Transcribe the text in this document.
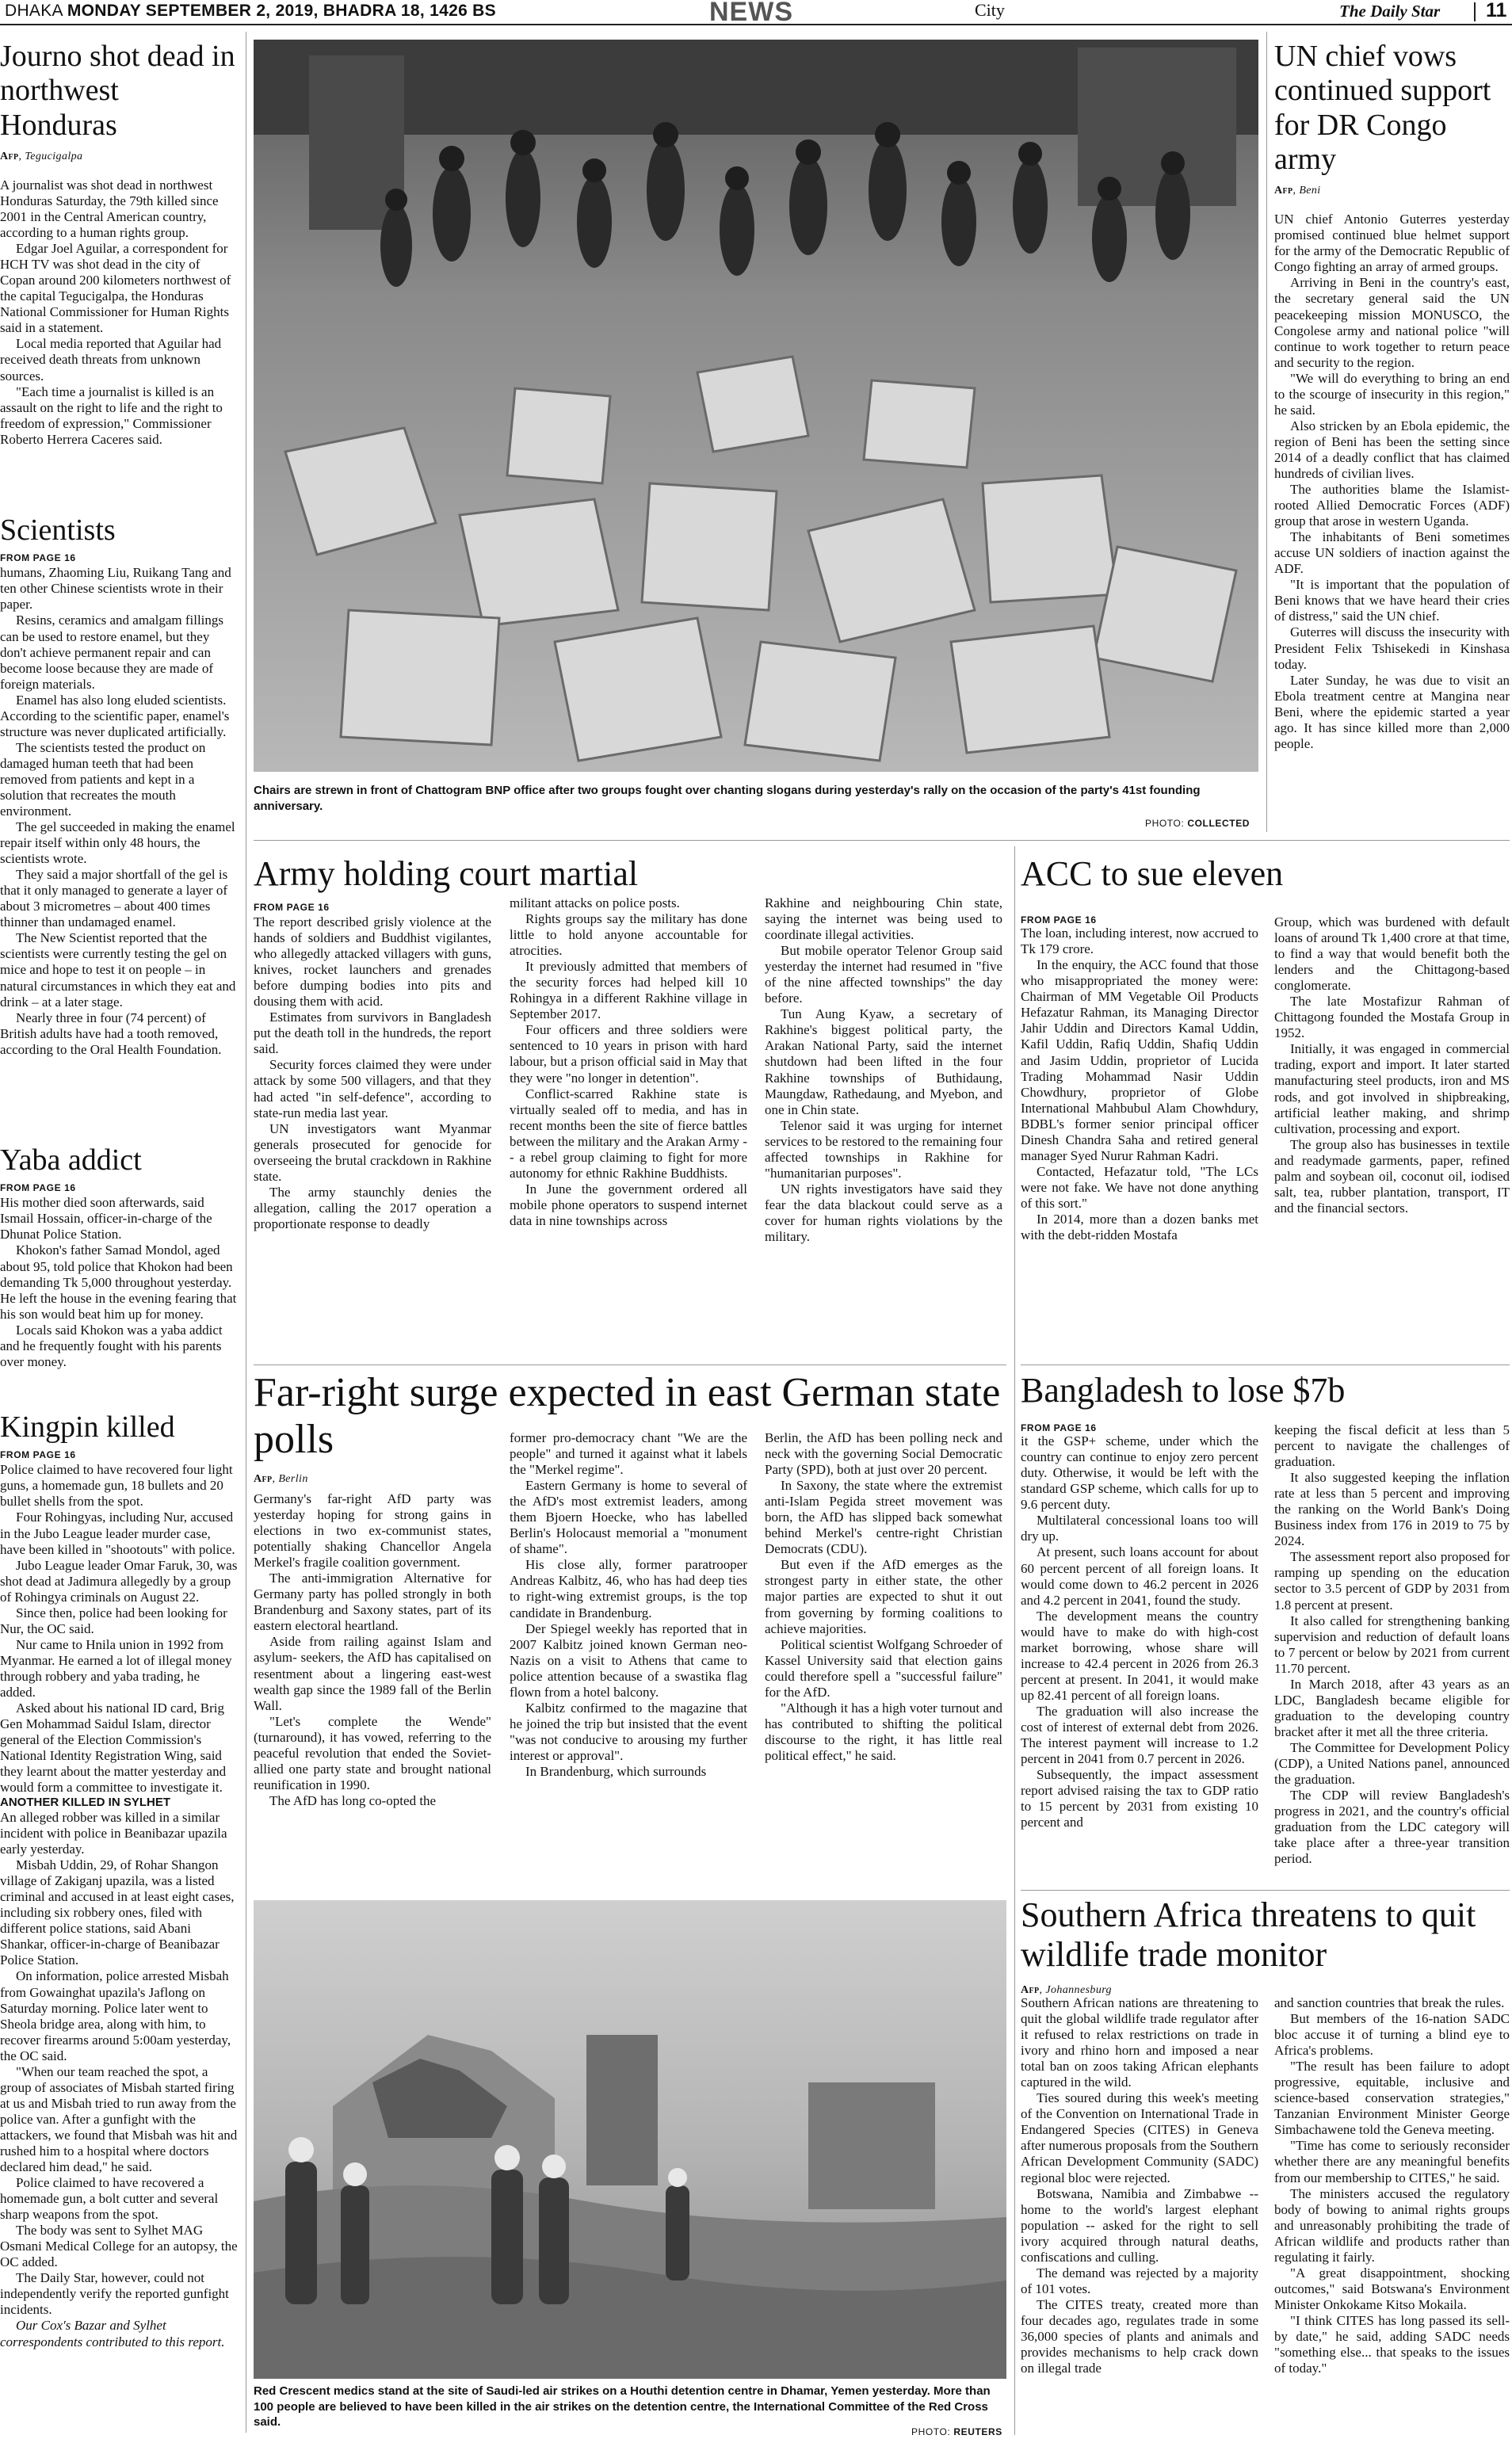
DHAKA MONDAY SEPTEMBER 2, 2019, BHADRA 18, 1426 BS	NEWS	City	The Daily Star 11
Journo shot dead in northwest Honduras
Afp, Tegucigalpa

A journalist was shot dead in northwest Honduras Saturday, the 79th killed since 2001 in the Central American country, according to a human rights group.

Edgar Joel Aguilar, a correspondent for HCH TV was shot dead in the city of Copan around 200 kilometers northwest of the capital Tegucigalpa, the Honduras National Commissioner for Human Rights said in a statement.

Local media reported that Aguilar had received death threats from unknown sources.

"Each time a journalist is killed is an assault on the right to life and the right to freedom of expression," Commissioner Roberto Herrera Caceres said.

Scientists
FROM PAGE 16

humans, Zhaoming Liu, Ruikang Tang and ten other Chinese scientists wrote in their paper.

Resins, ceramics and amalgam fillings can be used to restore enamel, but they don't achieve permanent repair and can become loose because they are made of foreign materials.

Enamel has also long eluded scientists. According to the scientific paper, enamel's structure was never duplicated artificially.

The scientists tested the product on damaged human teeth that had been removed from patients and kept in a solution that recreates the mouth environment.

The gel succeeded in making the enamel repair itself within only 48 hours, the scientists wrote.

They said a major shortfall of the gel is that it only managed to generate a layer of about 3 micrometres – about 400 times thinner than undamaged enamel.

The New Scientist reported that the scientists were currently testing the gel on mice and hope to test it on people – in natural circumstances in which they eat and drink – at a later stage.

Nearly three in four (74 percent) of British adults have had a tooth removed, according to the Oral Health Foundation.

Yaba addict
FROM PAGE 16

His mother died soon afterwards, said Ismail Hossain, officer-in-charge of the Dhunat Police Station.

Khokon's father Samad Mondol, aged about 95, told police that Khokon had been demanding Tk 5,000 throughout yesterday. He left the house in the evening fearing that his son would beat him up for money.

Locals said Khokon was a yaba addict and he frequently fought with his parents over money.

Kingpin killed
FROM PAGE 16

Police claimed to have recovered four light guns, a homemade gun, 18 bullets and 20 bullet shells from the spot.

Four Rohingyas, including Nur, accused in the Jubo League leader murder case, have been killed in "shootouts" with police.

Jubo League leader Omar Faruk, 30, was shot dead at Jadimura allegedly by a group of Rohingya criminals on August 22.

Since then, police had been looking for Nur, the OC said.

Nur came to Hnila union in 1992 from Myanmar. He earned a lot of illegal money through robbery and yaba trading, he added.

Asked about his national ID card, Brig Gen Mohammad Saidul Islam, director general of the Election Commission's National Identity Registration Wing, said they learnt about the matter yesterday and would form a committee to investigate it.

ANOTHER KILLED IN SYLHET

An alleged robber was killed in a similar incident with police in Beanibazar upazila early yesterday.

Misbah Uddin, 29, of Rohar Shangon village of Zakiganj upazila, was a listed criminal and accused in at least eight cases, including six robbery ones, filed with different police stations, said Abani Shankar, officer-in-charge of Beanibazar Police Station.

On information, police arrested Misbah from Gowainghat upazila's Jaflong on Saturday morning. Police later went to Sheola bridge area, along with him, to recover firearms around 5:00am yesterday, the OC said.

"When our team reached the spot, a group of associates of Misbah started firing at us and Misbah tried to run away from the police van. After a gunfight with the attackers, we found that Misbah was hit and rushed him to a hospital where doctors declared him dead," he said.

Police claimed to have recovered a homemade gun, a bolt cutter and several sharp weapons from the spot.

The body was sent to Sylhet MAG Osmani Medical College for an autopsy, the OC added.

The Daily Star, however, could not independently verify the reported gunfight incidents.

Our Cox's Bazar and Sylhet correspondents contributed to this report.

Chairs are strewn in front of Chattogram BNP office after two groups fought over chanting slogans during yesterday's rally on the occasion of the party's 41st founding anniversary.
PHOTO: COLLECTED
UN chief vows continued support for DR Congo army
Afp, Beni

UN chief Antonio Guterres yesterday promised continued blue helmet support for the army of the Democratic Republic of Congo fighting an array of armed groups.

Arriving in Beni in the country's east, the secretary general said the UN peacekeeping mission MONUSCO, the Congolese army and national police "will continue to work together to return peace and security to the region.

"We will do everything to bring an end to the scourge of insecurity in this region," he said.

Also stricken by an Ebola epidemic, the region of Beni has been the setting since 2014 of a deadly conflict that has claimed hundreds of civilian lives.

The authorities blame the Islamist-rooted Allied Democratic Forces (ADF) group that arose in western Uganda.

The inhabitants of Beni sometimes accuse UN soldiers of inaction against the ADF.

"It is important that the population of Beni knows that we have heard their cries of distress," said the UN chief.

Guterres will discuss the insecurity with President Felix Tshisekedi in Kinshasa today.

Later Sunday, he was due to visit an Ebola treatment centre at Mangina near Beni, where the epidemic started a year ago. It has since killed more than 2,000 people.

Army holding court martial
FROM PAGE 16

The report described grisly violence at the hands of soldiers and Buddhist vigilantes, who allegedly attacked villagers with guns, knives, rocket launchers and grenades before dumping bodies into pits and dousing them with acid.

Estimates from survivors in Bangladesh put the death toll in the hundreds, the report said.

Security forces claimed they were under attack by some 500 villagers, and that they had acted "in self-defence", according to state-run media last year.

UN investigators want Myanmar generals prosecuted for genocide for overseeing the brutal crackdown in Rakhine state.

The army staunchly denies the allegation, calling the 2017 operation a proportionate response to deadly

militant attacks on police posts.

Rights groups say the military has done little to hold anyone accountable for atrocities.

It previously admitted that members of the security forces had helped kill 10 Rohingya in a different Rakhine village in September 2017.

Four officers and three soldiers were sentenced to 10 years in prison with hard labour, but a prison official said in May that they were "no longer in detention".

Conflict-scarred Rakhine state is virtually sealed off to media, and has in recent months been the site of fierce battles between the military and the Arakan Army -- a rebel group claiming to fight for more autonomy for ethnic Rakhine Buddhists.

In June the government ordered all mobile phone operators to suspend internet data in nine townships across

Rakhine and neighbouring Chin state, saying the internet was being used to coordinate illegal activities.

But mobile operator Telenor Group said yesterday the internet had resumed in "five of the nine affected townships" the day before.

Tun Aung Kyaw, a secretary of Rakhine's biggest political party, the Arakan National Party, said the internet shutdown had been lifted in the four Rakhine townships of Buthidaung, Maungdaw, Rathedaung, and Myebon, and one in Chin state.

Telenor said it was urging for internet services to be restored to the remaining four affected townships in Rakhine for "humanitarian purposes".

UN rights investigators have said they fear the data blackout could serve as a cover for human rights violations by the military.

ACC to sue eleven

FROM PAGE 16

The loan, including interest, now accrued to Tk 179 crore.

In the enquiry, the ACC found that those who misappropriated the money were: Chairman of MM Vegetable Oil Products Hefazatur Rahman, its Managing Director Jahir Uddin and Directors Kamal Uddin, Kafil Uddin, Rafiq Uddin, Shafiq Uddin and Jasim Uddin, proprietor of Lucida Trading Mohammad Nasir Uddin Chowdhury, proprietor of Globe International Mahbubul Alam Chowhdury, BDBL's former senior principal officer Dinesh Chandra Saha and retired general manager Syed Nurur Rahman Kadri.

Contacted, Hefazatur told, "The LCs were not fake. We have not done anything of this sort."

In 2014, more than a dozen banks met with the debt-ridden Mostafa

Group, which was burdened with default loans of around Tk 1,400 crore at that time, to find a way that would benefit both the lenders and the Chittagong-based conglomerate.

The late Mostafizur Rahman of Chittagong founded the Mostafa Group in 1952.

Initially, it was engaged in commercial trading, export and import. It later started manufacturing steel products, iron and MS rods, and got involved in shipbreaking, artificial leather making, and shrimp cultivation, processing and export.

The group also has businesses in textile and readymade garments, paper, refined palm and soybean oil, coconut oil, iodised salt, tea, rubber plantation, transport, IT and the financial sectors.

Far-right surge expected in east German state polls
Afp, Berlin

Germany's far-right AfD party was yesterday hoping for strong gains in elections in two ex-communist states, potentially shaking Chancellor Angela Merkel's fragile coalition government.

The anti-immigration Alternative for Germany party has polled strongly in both Brandenburg and Saxony states, part of its eastern electoral heartland.

Aside from railing against Islam and asylum- seekers, the AfD has capitalised on resentment about a lingering east-west wealth gap since the 1989 fall of the Berlin Wall.

"Let's complete the Wende" (turnaround), it has vowed, referring to the peaceful revolution that ended the Soviet-allied one party state and brought national reunification in 1990.

The AfD has long co-opted the

former pro-democracy chant "We are the people" and turned it against what it labels the "Merkel regime".

Eastern Germany is home to several of the AfD's most extremist leaders, among them Bjoern Hoecke, who has labelled Berlin's Holocaust memorial a "monument of shame".

His close ally, former paratrooper Andreas Kalbitz, 46, who has had deep ties to right-wing extremist groups, is the top candidate in Brandenburg.

Der Spiegel weekly has reported that in 2007 Kalbitz joined known German neo-Nazis on a visit to Athens that came to police attention because of a swastika flag flown from a hotel balcony.

Kalbitz confirmed to the magazine that he joined the trip but insisted that the event "was not conducive to arousing my further interest or approval".

In Brandenburg, which surrounds

Berlin, the AfD has been polling neck and neck with the governing Social Democratic Party (SPD), both at just over 20 percent.

In Saxony, the state where the extremist anti-Islam Pegida street movement was born, the AfD has slipped back somewhat behind Merkel's centre-right Christian Democrats (CDU).

But even if the AfD emerges as the strongest party in either state, the other major parties are expected to shut it out from governing by forming coalitions to achieve majorities.

Political scientist Wolfgang Schroeder of Kassel University said that election gains could therefore spell a "successful failure" for the AfD.

"Although it has a high voter turnout and has contributed to shifting the political discourse to the right, it has little real political effect," he said.

Bangladesh to lose $7b

FROM PAGE 16

it the GSP+ scheme, under which the country can continue to enjoy zero percent duty. Otherwise, it would be left with the standard GSP scheme, which calls for up to 9.6 percent duty.

Multilateral concessional loans too will dry up.

At present, such loans account for about 60 percent percent of all foreign loans. It would come down to 46.2 percent in 2026 and 4.2 percent in 2041, found the study.

The development means the country would have to make do with high-cost market borrowing, whose share will increase to 42.4 percent in 2026 from 26.3 percent at present. In 2041, it would make up 82.41 percent of all foreign loans.

The graduation will also increase the cost of interest of external debt from 2026. The interest payment will increase to 1.2 percent in 2041 from 0.7 percent in 2026.

Subsequently, the impact assessment report advised raising the tax to GDP ratio to 15 percent by 2031 from existing 10 percent and

keeping the fiscal deficit at less than 5 percent to navigate the challenges of graduation.

It also suggested keeping the inflation rate at less than 5 percent and improving the ranking on the World Bank's Doing Business index from 176 in 2019 to 75 by 2024.

The assessment report also proposed for ramping up spending on the education sector to 3.5 percent of GDP by 2031 from 1.8 percent at present.

It also called for strengthening banking supervision and reduction of default loans to 7 percent or below by 2021 from current 11.70 percent.

In March 2018, after 43 years as an LDC, Bangladesh became eligible for graduation to the developing country bracket after it met all the three criteria.

The Committee for Development Policy (CDP), a United Nations panel, announced the graduation.

The CDP will review Bangladesh's progress in 2021, and the country's official graduation from the LDC category will take place after a three-year transition period.

Red Crescent medics stand at the site of Saudi-led air strikes on a Houthi detention centre in Dhamar, Yemen yesterday. More than 100 people are believed to have been killed in the air strikes on the detention centre, the International Committee of the Red Cross said.
PHOTO: REUTERS
Southern Africa threatens to quit wildlife trade monitor
Afp, Johannesburg

Southern African nations are threatening to quit the global wildlife trade regulator after it refused to relax restrictions on trade in ivory and rhino horn and imposed a near total ban on zoos taking African elephants captured in the wild.

Ties soured during this week's meeting of the Convention on International Trade in Endangered Species (CITES) in Geneva after numerous proposals from the Southern African Development Community (SADC) regional bloc were rejected.

Botswana, Namibia and Zimbabwe -- home to the world's largest elephant population -- asked for the right to sell ivory acquired through natural deaths, confiscations and culling.

The demand was rejected by a majority of 101 votes.

The CITES treaty, created more than four decades ago, regulates trade in some 36,000 species of plants and animals and provides mechanisms to help crack down on illegal trade

and sanction countries that break the rules.

But members of the 16-nation SADC bloc accuse it of turning a blind eye to Africa's problems.

"The result has been failure to adopt progressive, equitable, inclusive and science-based conservation strategies," Tanzanian Environment Minister George Simbachawene told the Geneva meeting.

"Time has come to seriously reconsider whether there are any meaningful benefits from our membership to CITES," he said.

The ministers accused the regulatory body of bowing to animal rights groups and unreasonably prohibiting the trade of African wildlife and products rather than regulating it fairly.

"A great disappointment, shocking outcomes," said Botswana's Environment Minister Onkokame Kitso Mokaila.

"I think CITES has long passed its sell-by date," he said, adding SADC needs "something else... that speaks to the issues of today."
